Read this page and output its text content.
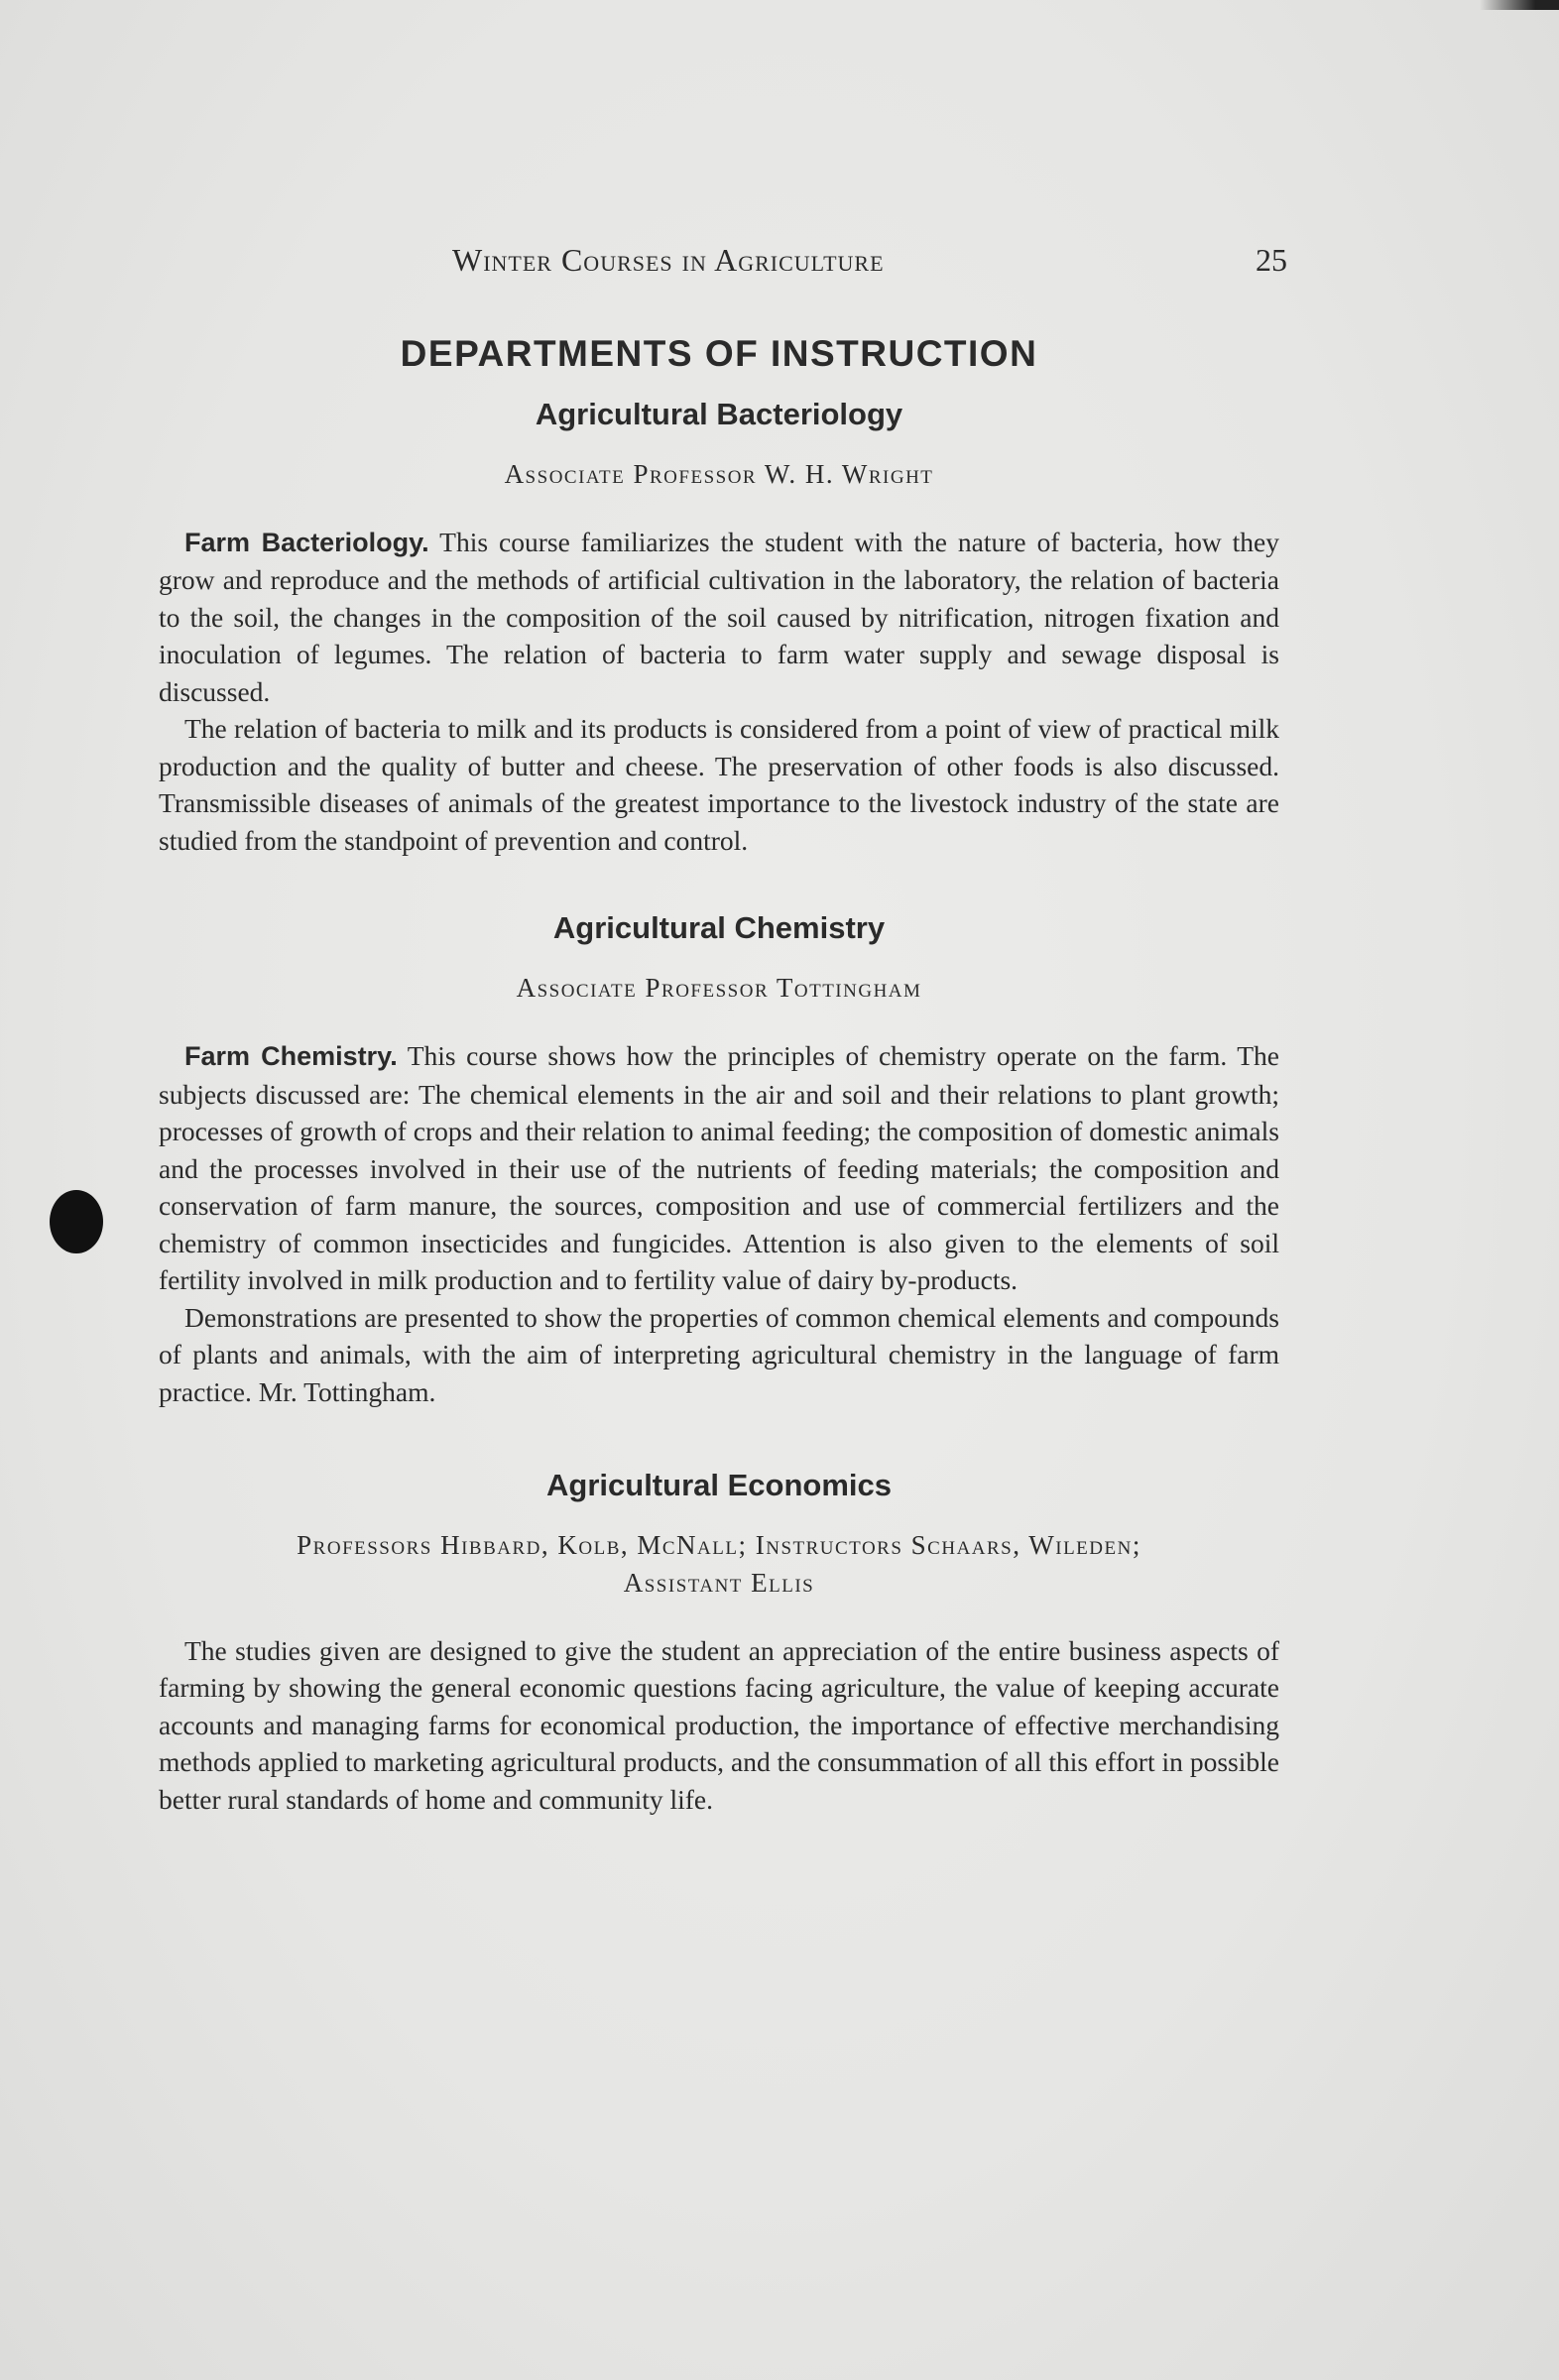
Winter Courses in Agriculture	25
DEPARTMENTS OF INSTRUCTION
Agricultural Bacteriology
Associate Professor W. H. Wright

Farm Bacteriology. This course familiarizes the student with the nature of bacteria, how they grow and reproduce and the methods of artificial cultivation in the laboratory, the relation of bacteria to the soil, the changes in the composition of the soil caused by nitrification, nitrogen fixation and inoculation of legumes. The relation of bacteria to farm water supply and sewage disposal is discussed.

The relation of bacteria to milk and its products is considered from a point of view of practical milk production and the quality of butter and cheese. The preservation of other foods is also discussed. Transmissible diseases of animals of the greatest importance to the livestock industry of the state are studied from the standpoint of prevention and control.

Agricultural Chemistry
Associate Professor Tottingham

Farm Chemistry. This course shows how the principles of chemistry operate on the farm. The subjects discussed are: The chemical elements in the air and soil and their relations to plant growth; processes of growth of crops and their relation to animal feeding; the composition of domestic animals and the processes involved in their use of the nutrients of feeding materials; the composition and conservation of farm manure, the sources, composition and use of commercial fertilizers and the chemistry of common insecticides and fungicides. Attention is also given to the elements of soil fertility involved in milk production and to fertility value of dairy by-products.

Demonstrations are presented to show the properties of common chemical elements and compounds of plants and animals, with the aim of interpreting agricultural chemistry in the language of farm practice. Mr. Tottingham.

Agricultural Economics
Professors Hibbard, Kolb, McNall; Instructors Schaars, Wileden;
Assistant Ellis

The studies given are designed to give the student an appreciation of the entire business aspects of farming by showing the general economic questions facing agriculture, the value of keeping accurate accounts and managing farms for economical production, the importance of effective merchandising methods applied to marketing agricultural products, and the consummation of all this effort in possible better rural standards of home and community life.
